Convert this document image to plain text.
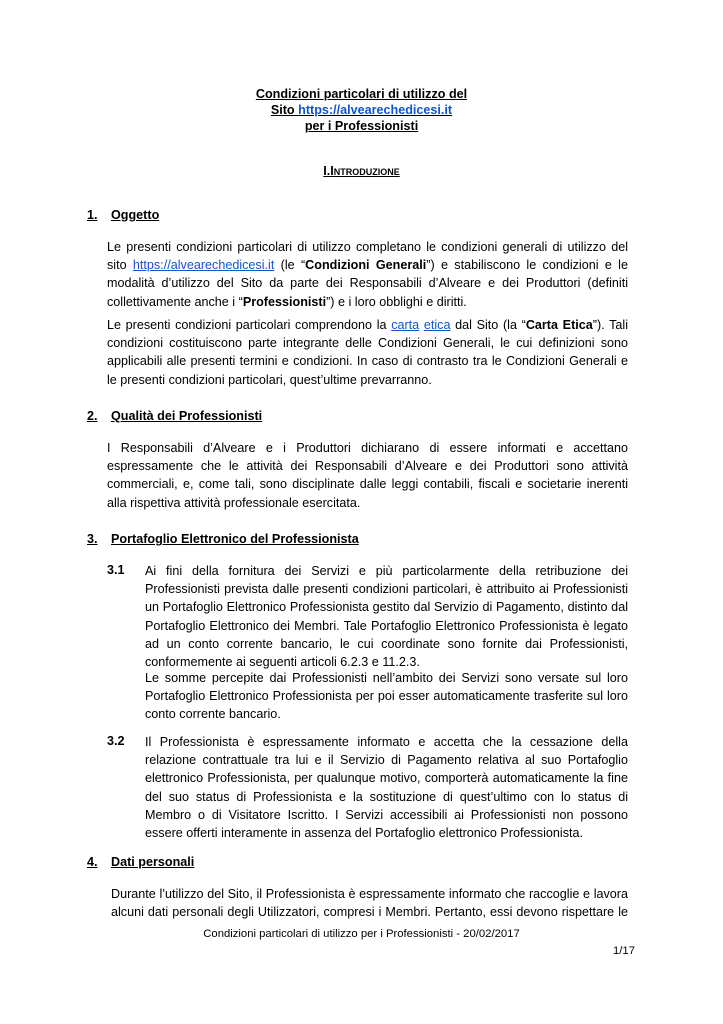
Condizioni particolari di utilizzo del
Sito https://alvearechedicesi.it
per i Professionisti
I.INTRODUZIONE
1. Oggetto
Le presenti condizioni particolari di utilizzo completano le condizioni generali di utilizzo del
sito https://alvearechedicesi.it (le “Condizioni Generali”) e stabiliscono le condizioni e le
modalità d’utilizzo del Sito da parte dei Responsabili d’Alveare e dei Produttori (definiti
collettivamente anche i “Professionisti”) e i loro obblighi e diritti.
Le presenti condizioni particolari comprendono la carta etica dal Sito (la “Carta Etica”). Tali
condizioni costituiscono parte integrante delle Condizioni Generali, le cui definizioni sono
applicabili alle presenti termini e condizioni. In caso di contrasto tra le Condizioni Generali e
le presenti condizioni particolari, quest’ultime prevarranno.
2. Qualità dei Professionisti
I Responsabili d’Alveare e i Produttori dichiarano di essere informati e accettano
espressamente che le attività dei Responsabili d’Alveare e dei Produttori sono attività
commerciali, e, come tali, sono disciplinate dalle leggi contabili, fiscali e societarie inerenti
alla rispettiva attività professionale esercitata.
3. Portafoglio Elettronico del Professionista
3.1 Ai fini della fornitura dei Servizi e più particolarmente della retribuzione dei
Professionisti prevista dalle presenti condizioni particolari, è attribuito ai Professionisti
un Portafoglio Elettronico Professionista gestito dal Servizio di Pagamento, distinto dal
Portafoglio Elettronico dei Membri. Tale Portafoglio Elettronico Professionista è legato
ad un conto corrente bancario, le cui coordinate sono fornite dai Professionisti,
conformemente ai seguenti articoli 6.2.3 e 11.2.3.
Le somme percepite dai Professionisti nell’ambito dei Servizi sono versate sul loro
Portafoglio Elettronico Professionista per poi esser automaticamente trasferite sul loro
conto corrente bancario.
3.2 Il Professionista è espressamente informato e accetta che la cessazione della
relazione contrattuale tra lui e il Servizio di Pagamento relativa al suo Portafoglio
elettronico Professionista, per qualunque motivo, comporterà automaticamente la fine
del suo status di Professionista e la sostituzione di quest’ultimo con lo status di
Membro o di Visitatore Iscritto. I Servizi accessibili ai Professionisti non possono
essere offerti interamente in assenza del Portafoglio elettronico Professionista.
4. Dati personali
Durante l’utilizzo del Sito, il Professionista è espressamente informato che raccoglie e lavora
alcuni dati personali degli Utilizzatori, compresi i Membri. Pertanto, essi devono rispettare le
Condizioni particolari di utilizzo per i Professionisti - 20/02/2017
1/17
